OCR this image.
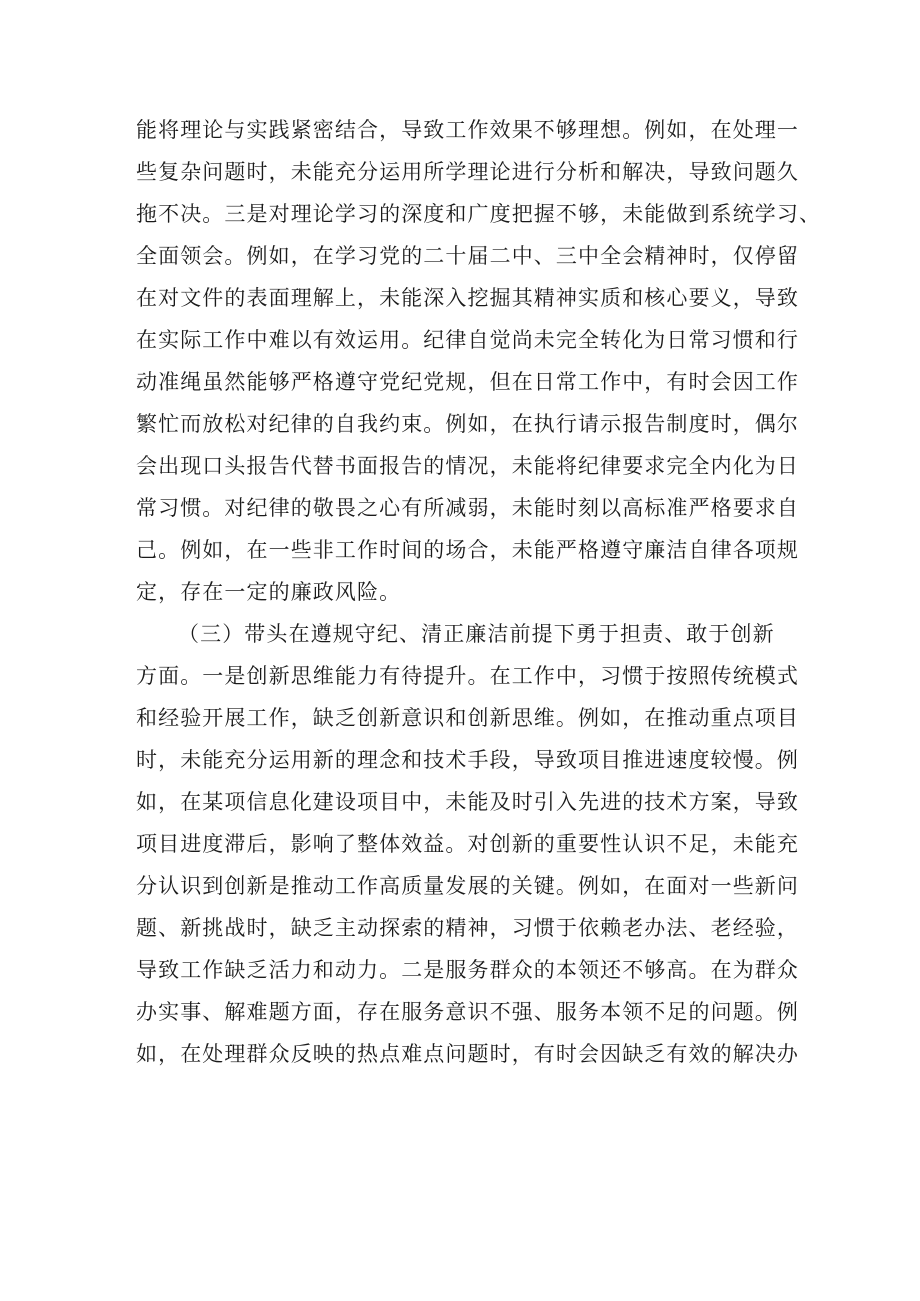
能将理论与实践紧密结合，导致工作效果不够理想。例如，在处理一
些复杂问题时，未能充分运用所学理论进行分析和解决，导致问题久
拖不决。三是对理论学习的深度和广度把握不够，未能做到系统学习、
全面领会。例如，在学习党的二十届二中、三中全会精神时，仅停留
在对文件的表面理解上，未能深入挖掘其精神实质和核心要义，导致
在实际工作中难以有效运用。纪律自觉尚未完全转化为日常习惯和行
动准绳虽然能够严格遵守党纪党规，但在日常工作中，有时会因工作
繁忙而放松对纪律的自我约束。例如，在执行请示报告制度时，偶尔
会出现口头报告代替书面报告的情况，未能将纪律要求完全内化为日
常习惯。对纪律的敬畏之心有所减弱，未能时刻以高标准严格要求自
己。例如，在一些非工作时间的场合，未能严格遵守廉洁自律各项规
定，存在一定的廉政风险。
（三）带头在遵规守纪、清正廉洁前提下勇于担责、敢于创新
方面。一是创新思维能力有待提升。在工作中，习惯于按照传统模式
和经验开展工作，缺乏创新意识和创新思维。例如，在推动重点项目
时，未能充分运用新的理念和技术手段，导致项目推进速度较慢。例
如，在某项信息化建设项目中，未能及时引入先进的技术方案，导致
项目进度滞后，影响了整体效益。对创新的重要性认识不足，未能充
分认识到创新是推动工作高质量发展的关键。例如，在面对一些新问
题、新挑战时，缺乏主动探索的精神，习惯于依赖老办法、老经验，
导致工作缺乏活力和动力。二是服务群众的本领还不够高。在为群众
办实事、解难题方面，存在服务意识不强、服务本领不足的问题。例
如，在处理群众反映的热点难点问题时，有时会因缺乏有效的解决办
